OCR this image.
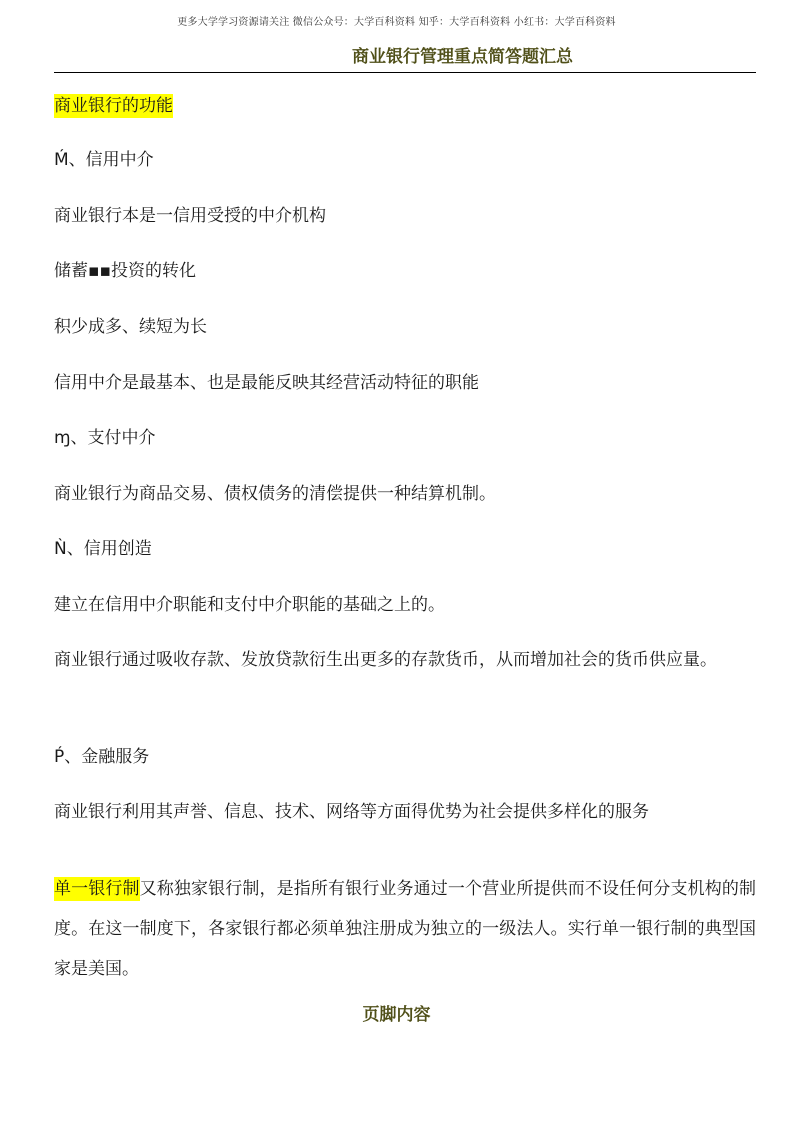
更多大学学习资源请关注 微信公众号：大学百科资料 知乎：大学百科资料 小红书：大学百科资料
商业银行管理重点简答题汇总
商业银行的功能
Ḿ、信用中介
商业银行本是一信用受授的中介机构
储蓄▪▪投资的转化
积少成多、续短为长
信用中介是最基本、也是最能反映其经营活动特征的职能
ɱ、支付中介
商业银行为商品交易、债权债务的清偿提供一种结算机制。
Ǹ、信用创造
建立在信用中介职能和支付中介职能的基础之上的。
商业银行通过吸收存款、发放贷款衍生出更多的存款货币，从而增加社会的货币供应量。
Ṕ、金融服务
商业银行利用其声誉、信息、技术、网络等方面得优势为社会提供多样化的服务
单一银行制又称独家银行制，是指所有银行业务通过一个营业所提供而不设任何分支机构的制度。在这一制度下，各家银行都必须单独注册成为独立的一级法人。实行单一银行制的典型国家是美国。
页脚内容
